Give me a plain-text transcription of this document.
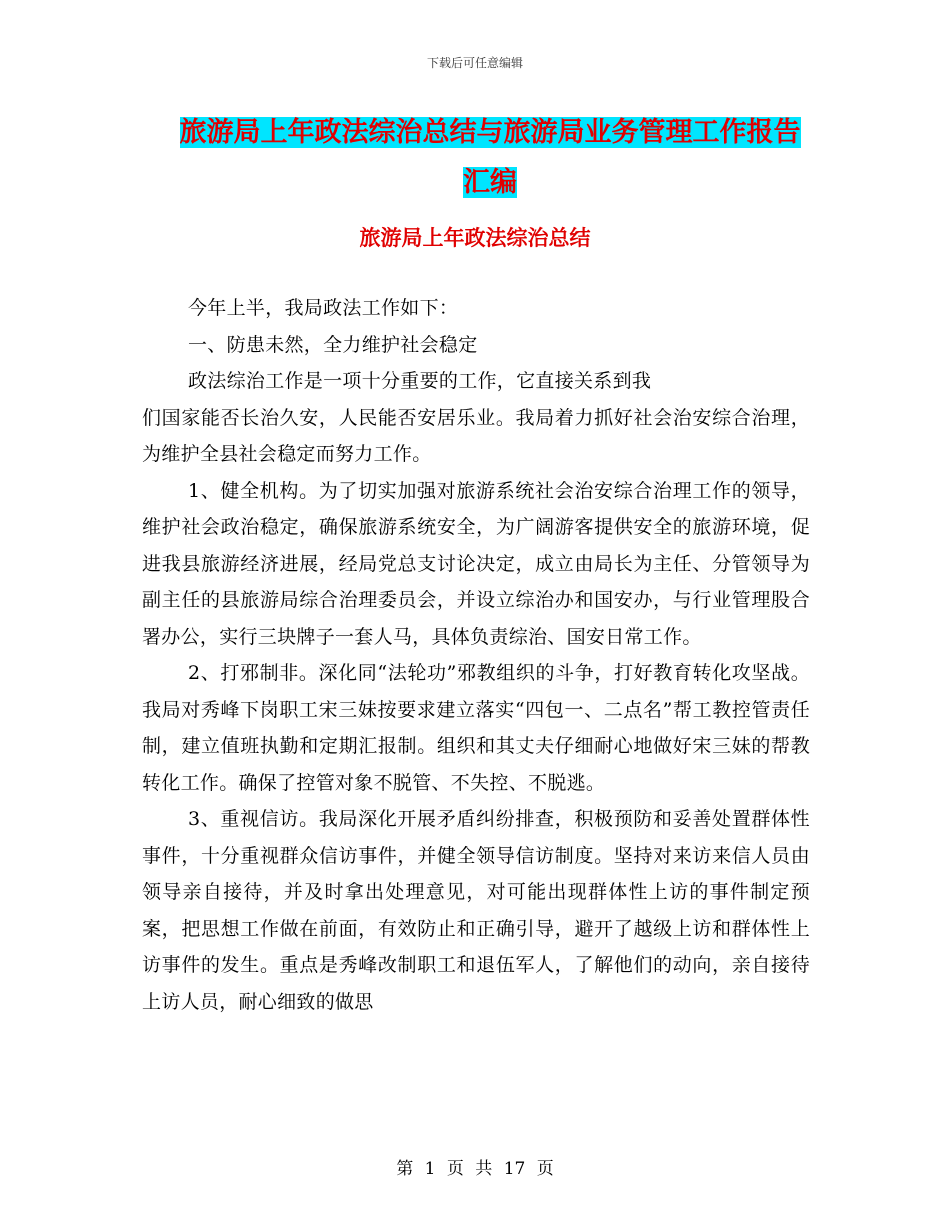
下载后可任意编辑
旅游局上年政法综治总结与旅游局业务管理工作报告
汇编
旅游局上年政法综治总结

今年上半，我局政法工作如下：

一、防患未然，全力维护社会稳定

政法综治工作是一项十分重要的工作，它直接关系到我

们国家能否长治久安，人民能否安居乐业。我局着力抓好社会治安综合治理，为维护全县社会稳定而努力工作。

1、健全机构。为了切实加强对旅游系统社会治安综合治理工作的领导，维护社会政治稳定，确保旅游系统安全，为广阔游客提供安全的旅游环境，促进我县旅游经济进展，经局党总支讨论决定，成立由局长为主任、分管领导为副主任的县旅游局综合治理委员会，并设立综治办和国安办，与行业管理股合署办公，实行三块牌子一套人马，具体负责综治、国安日常工作。

2、打邪制非。深化同“法轮功”邪教组织的斗争，打好教育转化攻坚战。我局对秀峰下岗职工宋三妹按要求建立落实“四包一、二点名”帮工教控管责任制，建立值班执勤和定期汇报制。组织和其丈夫仔细耐心地做好宋三妹的帮教转化工作。确保了控管对象不脱管、不失控、不脱逃。

3、重视信访。我局深化开展矛盾纠纷排查，积极预防和妥善处置群体性事件，十分重视群众信访事件，并健全领导信访制度。坚持对来访来信人员由领导亲自接待，并及时拿出处理意见，对可能出现群体性上访的事件制定预案，把思想工作做在前面，有效防止和正确引导，避开了越级上访和群体性上访事件的发生。重点是秀峰改制职工和退伍军人，了解他们的动向，亲自接待上访人员，耐心细致的做思

第 1 页 共 17 页
